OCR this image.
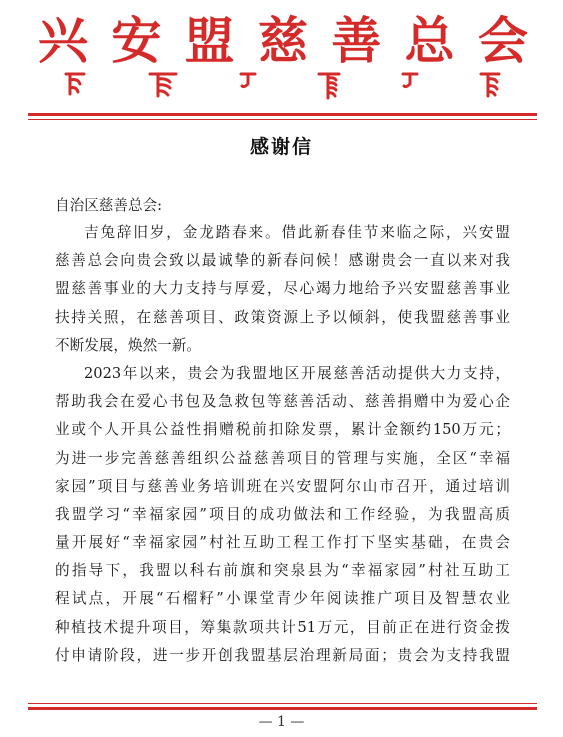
兴 安 盟 慈 善 总 会
感谢信
自治区慈善总会:
吉兔辞旧岁，金龙踏春来。借此新春佳节来临之际，兴安盟
慈善总会向贵会致以最诚挚的新春问候！感谢贵会一直以来对我
盟慈善事业的大力支持与厚爱，尽心竭力地给予兴安盟慈善事业
扶持关照，在慈善项目、政策资源上予以倾斜，使我盟慈善事业
不断发展，焕然一新。
2023年以来，贵会为我盟地区开展慈善活动提供大力支持，
帮助我会在爱心书包及急救包等慈善活动、慈善捐赠中为爱心企
业或个人开具公益性捐赠税前扣除发票，累计金额约150万元；
为进一步完善慈善组织公益慈善项目的管理与实施，全区“幸福
家园”项目与慈善业务培训班在兴安盟阿尔山市召开，通过培训
我盟学习“幸福家园”项目的成功做法和工作经验，为我盟高质
量开展好“幸福家园”村社互助工程工作打下坚实基础，在贵会
的指导下，我盟以科右前旗和突泉县为“幸福家园”村社互助工
程试点，开展“石榴籽”小课堂青少年阅读推广项目及智慧农业
种植技术提升项目，筹集款项共计51万元，目前正在进行资金拨
付申请阶段，进一步开创我盟基层治理新局面；贵会为支持我盟
— 1 —
